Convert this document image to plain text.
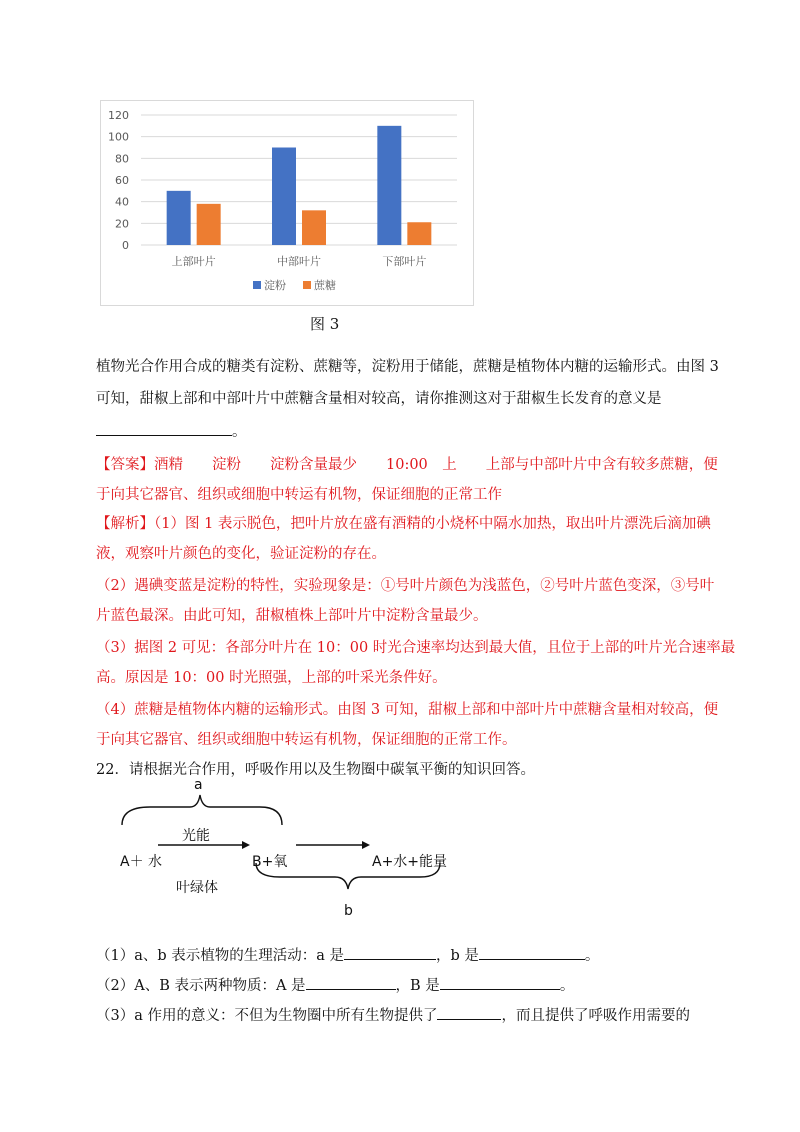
0
20
40
60
80
100
120
上部叶片	中部叶片	下部叶片
淀粉	蔗糖
图 3
植物光合作用合成的糖类有淀粉、蔗糖等，淀粉用于储能，蔗糖是植物体内糖的运输形式。由图 3
可知，甜椒上部和中部叶片中蔗糖含量相对较高，请你推测这对于甜椒生长发育的意义是
。
【答案】酒精　　淀粉　　淀粉含量最少　　10:00　上　　上部与中部叶片中含有较多蔗糖，便
于向其它器官、组织或细胞中转运有机物，保证细胞的正常工作
【解析】（1）图 1 表示脱色，把叶片放在盛有酒精的小烧杯中隔水加热，取出叶片漂洗后滴加碘
液，观察叶片颜色的变化，验证淀粉的存在。
（2）遇碘变蓝是淀粉的特性，实验现象是：①号叶片颜色为浅蓝色，②号叶片蓝色变深，③号叶
片蓝色最深。由此可知，甜椒植株上部叶片中淀粉含量最少。
（3）据图 2 可见：各部分叶片在 10：00 时光合速率均达到最大值，且位于上部的叶片光合速率最
高。原因是 10：00 时光照强，上部的叶采光条件好。
（4）蔗糖是植物体内糖的运输形式。由图 3 可知，甜椒上部和中部叶片中蔗糖含量相对较高，便
于向其它器官、组织或细胞中转运有机物，保证细胞的正常工作。
22．请根据光合作用，呼吸作用以及生物圈中碳氧平衡的知识回答。
a
光能
A＋ 水	B+氧	A+水+能量
叶绿体
b
（1）a、b 表示植物的生理活动：a 是	，b 是	。
（2）A、B 表示两种物质：A 是	，B 是	。
（3）a 作用的意义：不但为生物圈中所有生物提供了	，而且提供了呼吸作用需要的
